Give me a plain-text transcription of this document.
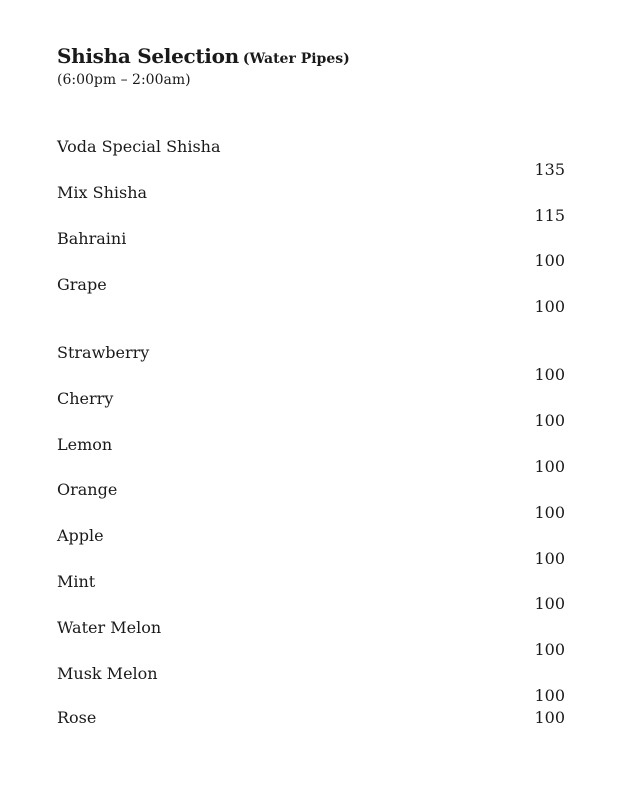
Shisha Selection (Water Pipes)
(6:00pm – 2:00am)
Voda Special Shisha
135
Mix Shisha
115
Bahraini
100
Grape
100
Strawberry
100
Cherry
100
Lemon
100
Orange
100
Apple
100
Mint
100
Water Melon
100
Musk Melon
100
Rose	100
